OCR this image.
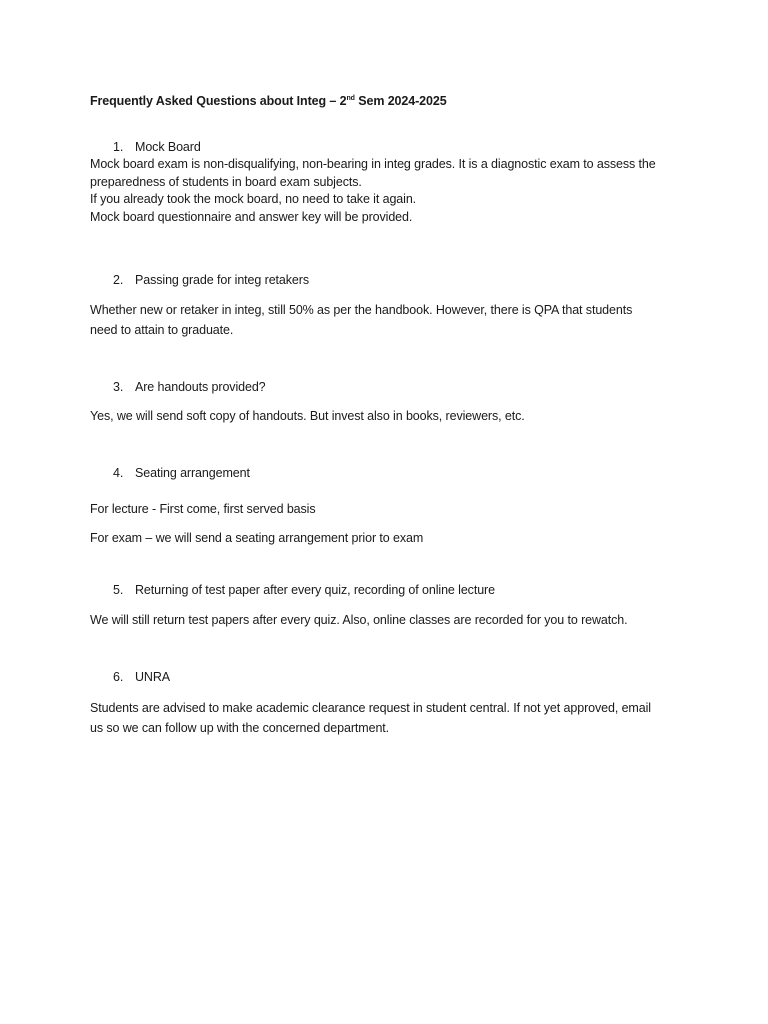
Frequently Asked Questions about Integ – 2nd Sem 2024-2025
1. Mock Board
Mock board exam is non-disqualifying, non-bearing in integ grades. It is a diagnostic exam to assess the
preparedness of students in board exam subjects.
If you already took the mock board, no need to take it again.
Mock board questionnaire and answer key will be provided.
2. Passing grade for integ retakers
Whether new or retaker in integ, still 50% as per the handbook. However, there is QPA that students
need to attain to graduate.
3. Are handouts provided?
Yes, we will send soft copy of handouts. But invest also in books, reviewers, etc.
4. Seating arrangement
For lecture - First come, first served basis
For exam – we will send a seating arrangement prior to exam
5. Returning of test paper after every quiz, recording of online lecture
We will still return test papers after every quiz. Also, online classes are recorded for you to rewatch.
6. UNRA
Students are advised to make academic clearance request in student central. If not yet approved, email
us so we can follow up with the concerned department.
